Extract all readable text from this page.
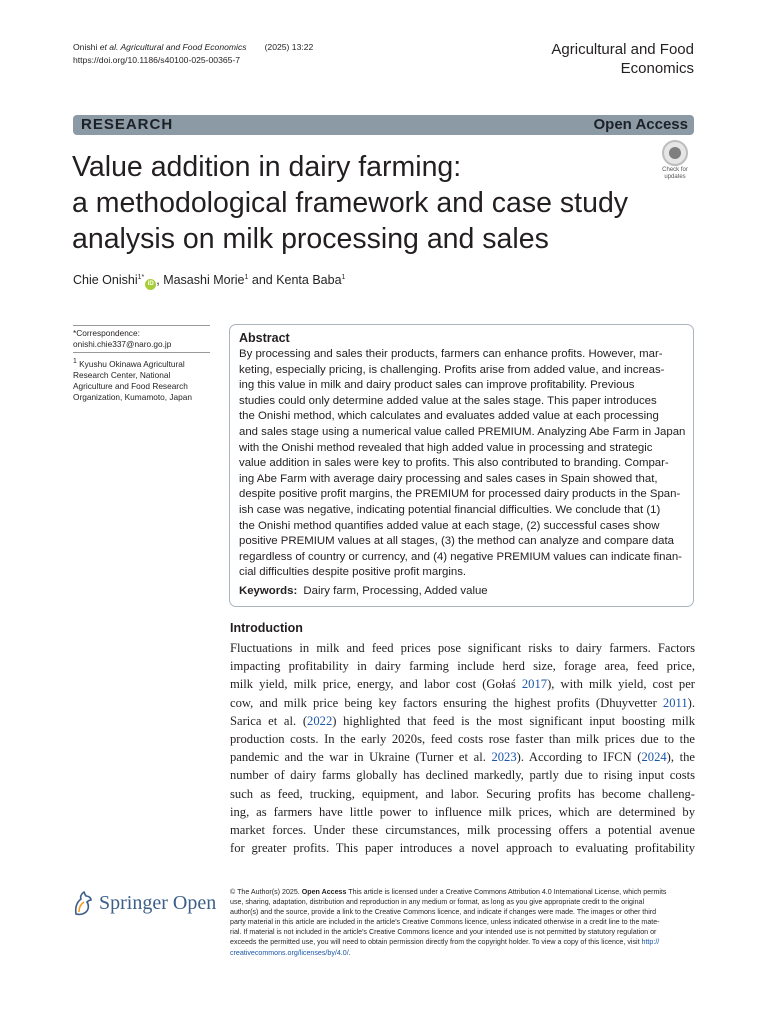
Onishi et al. Agricultural and Food Economics (2025) 13:22
https://doi.org/10.1186/s40100-025-00365-7
Agricultural and Food
Economics
RESEARCH	Open Access
Value addition in dairy farming:
a methodological framework and case study
analysis on milk processing and sales
Check for
updates
Chie Onishi$^{1*}$iD , Masashi Morie$^1$ and Kenta Baba$^1$
*Correspondence:
onishi.chie337@naro.go.jp
$^1$ Kyushu Okinawa Agricultural
Research Center, National
Agriculture and Food Research
Organization, Kumamoto, Japan
Abstract
By processing and sales their products, farmers can enhance profits. However, mar-
keting, especially pricing, is challenging. Profits arise from added value, and increas-
ing this value in milk and dairy product sales can improve profitability. Previous
studies could only determine added value at the sales stage. This paper introduces
the Onishi method, which calculates and evaluates added value at each processing
and sales stage using a numerical value called PREMIUM. Analyzing Abe Farm in Japan
with the Onishi method revealed that high added value in processing and strategic
value addition in sales were key to profits. This also contributed to branding. Compar-
ing Abe Farm with average dairy processing and sales cases in Spain showed that,
despite positive profit margins, the PREMIUM for processed dairy products in the Span-
ish case was negative, indicating potential financial difficulties. We conclude that (1)
the Onishi method quantifies added value at each stage, (2) successful cases show
positive PREMIUM values at all stages, (3) the method can analyze and compare data
regardless of country or currency, and (4) negative PREMIUM values can indicate finan-
cial difficulties despite positive profit margins.
Keywords: Dairy farm, Processing, Added value
Introduction
Fluctuations in milk and feed prices pose significant risks to dairy farmers. Factors
impacting profitability in dairy farming include herd size, forage area, feed price,
milk yield, milk price, energy, and labor cost (Gołaś 2017), with milk yield, cost per
cow, and milk price being key factors ensuring the highest profits (Dhuyvetter 2011).
Sarica et al. (2022) highlighted that feed is the most significant input boosting milk
production costs. In the early 2020s, feed costs rose faster than milk prices due to the
pandemic and the war in Ukraine (Turner et al. 2023). According to IFCN (2024), the
number of dairy farms globally has declined markedly, partly due to rising input costs
such as feed, trucking, equipment, and labor. Securing profits has become challeng-
ing, as farmers have little power to influence milk prices, which are determined by
market forces. Under these circumstances, milk processing offers a potential avenue
for greater profits. This paper introduces a novel approach to evaluating profitability
Springer Open © The Author(s) 2025. Open Access This article is licensed under a Creative Commons Attribution 4.0 International License, which permits
use, sharing, adaptation, distribution and reproduction in any medium or format, as long as you give appropriate credit to the original
author(s) and the source, provide a link to the Creative Commons licence, and indicate if changes were made. The images or other third
party material in this article are included in the article's Creative Commons licence, unless indicated otherwise in a credit line to the mate-
rial. If material is not included in the article's Creative Commons licence and your intended use is not permitted by statutory regulation or
exceeds the permitted use, you will need to obtain permission directly from the copyright holder. To view a copy of this licence, visit http://
creativecommons.org/licenses/by/4.0/.
